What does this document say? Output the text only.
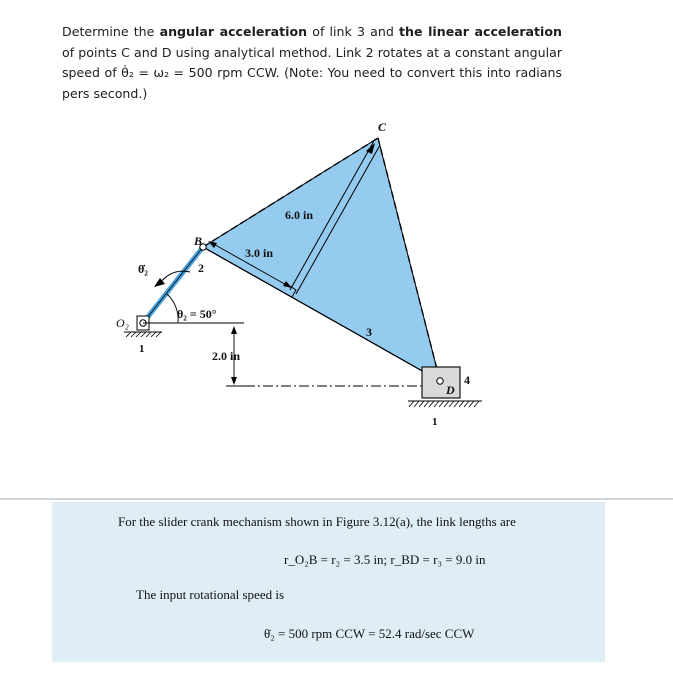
Determine the angular acceleration of link 3 and the linear acceleration of points C and D using analytical method. Link 2 rotates at a constant angular speed of θ̇₂ = ω₂ = 500 rpm CCW. (Note: You need to convert this into radians pers second.)
C
B
O₂
D
6.0 in
3.0 in
2.0 in
θ₂ = 50°
θ̇₂	2
3
4
1
1
For the slider crank mechanism shown in Figure 3.12(a), the link lengths are
r_O₂B = r₂ = 3.5 in; r_BD = r₃ = 9.0 in
The input rotational speed is
θ̇₂ = 500 rpm CCW = 52.4 rad/sec CCW
